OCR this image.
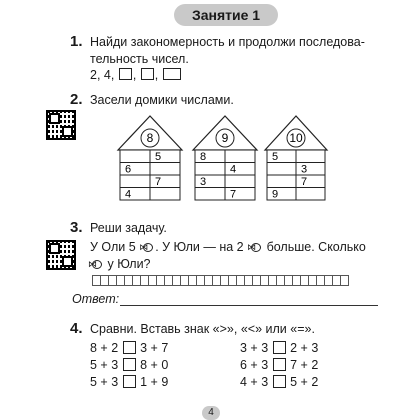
Занятие 1
1. Найди закономерность и продолжи последова-
тельность чисел.
2, 4, , ,
2. Засели домики числами.
8
5
6
7
4
9
8
4
3
7
10
5
3
7
9
3. Реши задачу.
У Оли 5 ⋈ . У Юли — на 2 ⋈ больше. Сколько
⋈ у Юли?
Ответ:
4. Сравни. Вставь знак «>», «<» или «=».
8 + 2 3 + 7
5 + 3 8 + 0
5 + 3 1 + 9
3 + 3 2 + 3
6 + 3 7 + 2
4 + 3 5 + 2
4
